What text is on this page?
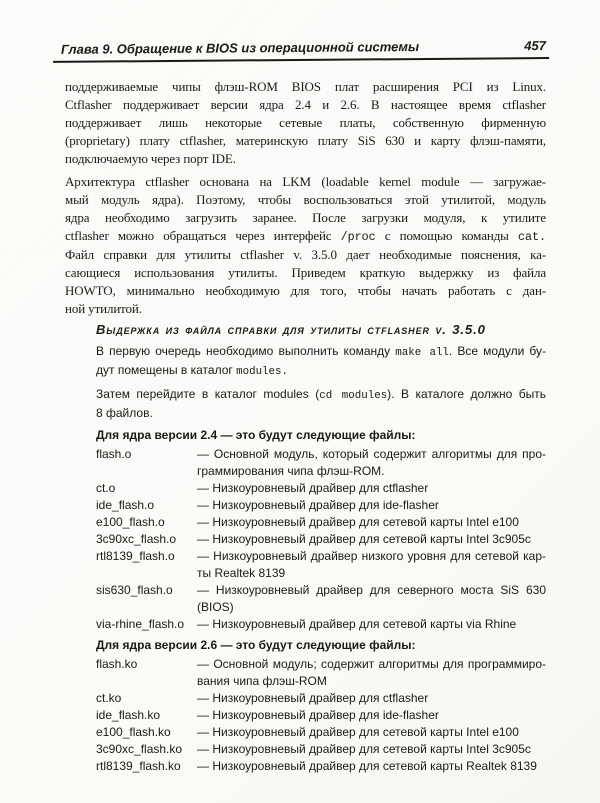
Глава 9. Обращение к BIOS из операционной системы	457
поддерживаемые чипы флэш-ROM BIOS плат расширения PCI из Linux.
Ctflasher поддерживает версии ядра 2.4 и 2.6. В настоящее время ctflasher
поддерживает лишь некоторые сетевые платы, собственную фирменную
(proprietary) плату ctflasher, материнскую плату SiS 630 и карту флэш-памяти,
подключаемую через порт IDE.
Архитектура ctflasher основана на LKM (loadable kernel module — загружае-
мый модуль ядра). Поэтому, чтобы воспользоваться этой утилитой, модуль
ядра необходимо загрузить заранее. После загрузки модуля, к утилите
ctflasher можно обращаться через интерфейс /proc с помощью команды cat.
Файл справки для утилиты ctflasher v. 3.5.0 дает необходимые пояснения, ка-
сающиеся использования утилиты. Приведем краткую выдержку из файла
HOWTO, минимально необходимую для того, чтобы начать работать с дан-
ной утилитой.
Выдержка из файла справки для утилиты ctflasher v. 3.5.0
В первую очередь необходимо выполнить команду make all. Все модули бу-
дут помещены в каталог modules.
Затем перейдите в каталог modules (cd modules). В каталоге должно быть
8 файлов.
Для ядра версии 2.4 — это будут следующие файлы:
flash.o	— Основной модуль, который содержит алгоритмы для про-
граммирования чипа флэш-ROM.
ct.o	— Низкоуровневый драйвер для ctflasher
ide_flash.o	— Низкоуровневый драйвер для ide-flasher
e100_flash.o	— Низкоуровневый драйвер для сетевой карты Intel e100
3c90xc_flash.o	— Низкоуровневый драйвер для сетевой карты Intel 3c905c
rtl8139_flash.o	— Низкоуровневый драйвер низкого уровня для сетевой кар-
ты Realtek 8139
sis630_flash.o	— Низкоуровневый драйвер для северного моста SiS 630
(BIOS)
via-rhine_flash.o	— Низкоуровневый драйвер для сетевой карты via Rhine
Для ядра версии 2.6 — это будут следующие файлы:
flash.ko	— Основной модуль; содержит алгоритмы для программиро-
вания чипа флэш-ROM
ct.ko	— Низкоуровневый драйвер для ctflasher
ide_flash.ko	— Низкоуровневый драйвер для ide-flasher
e100_flash.ko	— Низкоуровневый драйвер для сетевой карты Intel e100
3c90xc_flash.ko	— Низкоуровневый драйвер для сетевой карты Intel 3c905c
rtl8139_flash.ko	— Низкоуровневый драйвер для сетевой карты Realtek 8139
